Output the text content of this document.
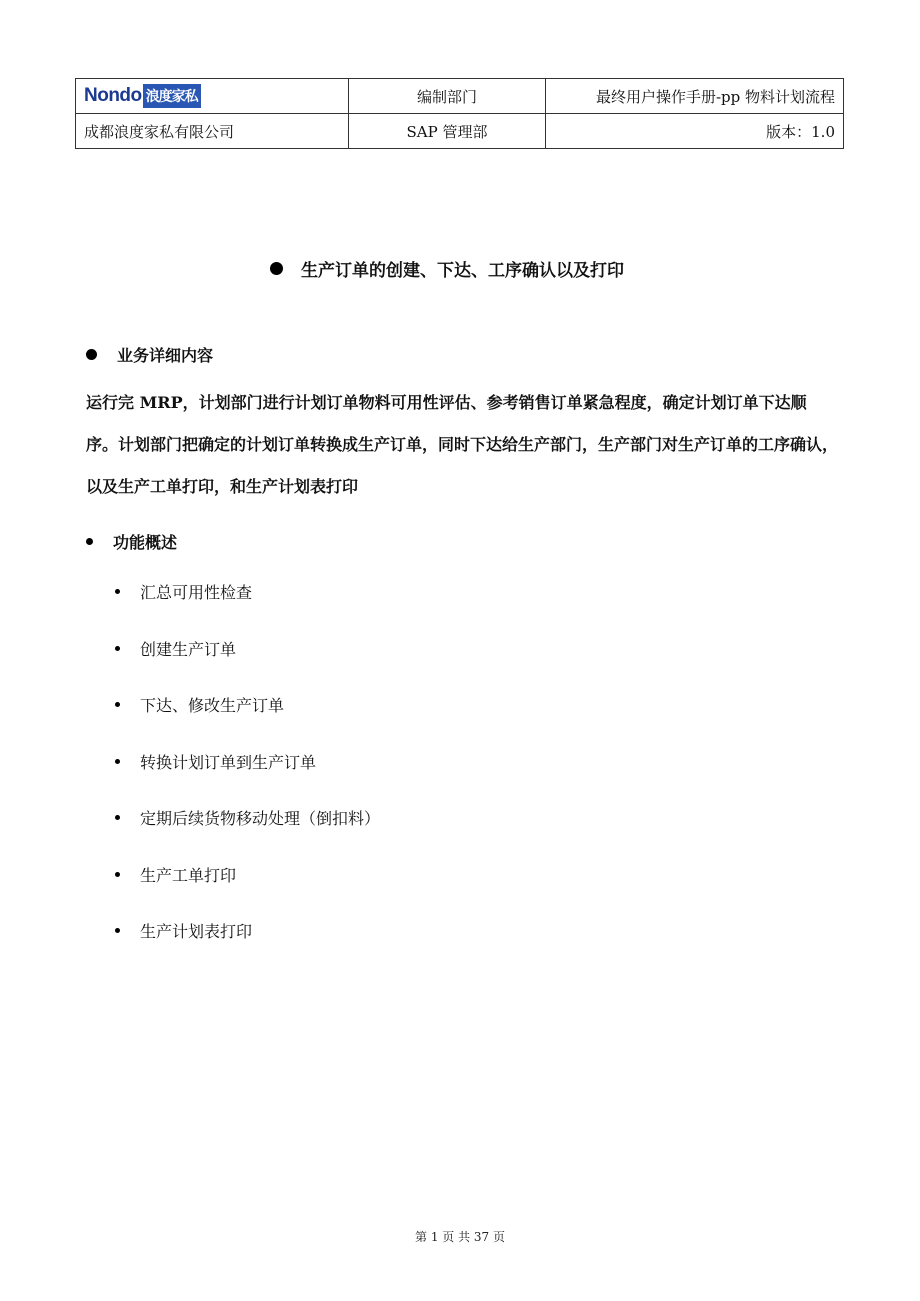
Nondo 浪度家私	编制部门	最终用户操作手册-pp 物料计划流程
成都浪度家私有限公司	SAP 管理部	版本：1.0
生产订单的创建、下达、工序确认以及打印
业务详细内容

运行完 MRP，计划部门进行计划订单物料可用性评估、参考销售订单紧急程度，确定计划订单下达顺序。计划部门把确定的计划订单转换成生产订单，同时下达给生产部门，生产部门对生产订单的工序确认，以及生产工单打印，和生产计划表打印

功能概述
汇总可用性检查
创建生产订单
下达、修改生产订单
转换计划订单到生产订单
定期后续货物移动处理（倒扣料）
生产工单打印
生产计划表打印
第 1 页 共 37 页
